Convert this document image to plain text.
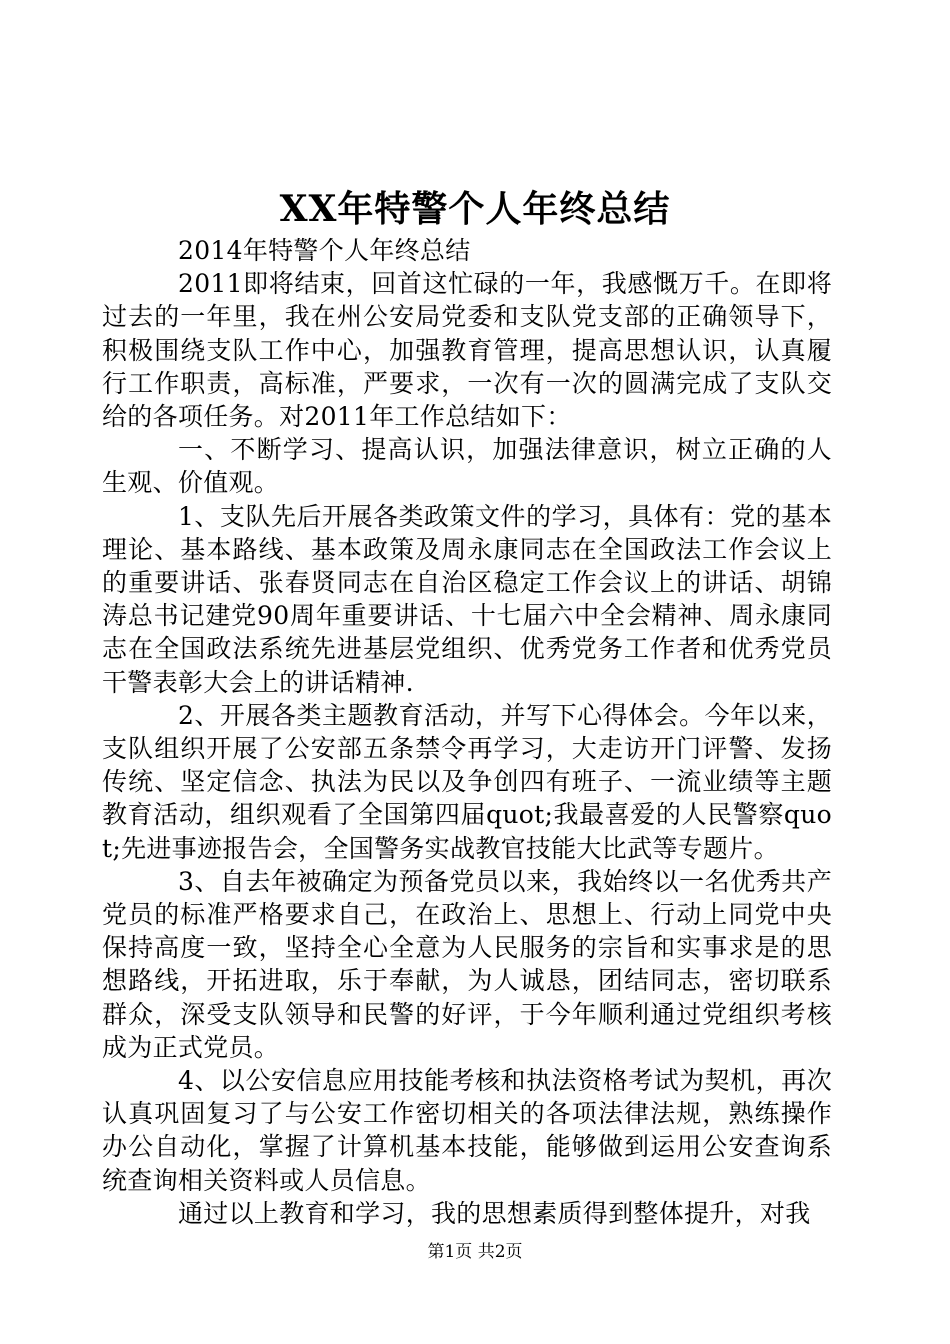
XX年特警个人年终总结

2014年特警个人年终总结

2011即将结束，回首这忙碌的一年，我感慨万千。在即将过去的一年里，我在州公安局党委和支队党支部的正确领导下，积极围绕支队工作中心，加强教育管理，提高思想认识，认真履行工作职责，高标准，严要求，一次有一次的圆满完成了支队交给的各项任务。对2011年工作总结如下：

一、不断学习、提高认识，加强法律意识，树立正确的人生观、价值观。

1、支队先后开展各类政策文件的学习，具体有：党的基本理论、基本路线、基本政策及周永康同志在全国政法工作会议上的重要讲话、张春贤同志在自治区稳定工作会议上的讲话、胡锦涛总书记建党90周年重要讲话、十七届六中全会精神、周永康同志在全国政法系统先进基层党组织、优秀党务工作者和优秀党员干警表彰大会上的讲话精神.

2、开展各类主题教育活动，并写下心得体会。今年以来，支队组织开展了公安部五条禁令再学习，大走访开门评警、发扬传统、坚定信念、执法为民以及争创四有班子、一流业绩等主题教育活动，组织观看了全国第四届quot;我最喜爱的人民警察quot;先进事迹报告会，全国警务实战教官技能大比武等专题片。

3、自去年被确定为预备党员以来，我始终以一名优秀共产党员的标准严格要求自己，在政治上、思想上、行动上同党中央保持高度一致，坚持全心全意为人民服务的宗旨和实事求是的思想路线，开拓进取，乐于奉献，为人诚恳，团结同志，密切联系群众，深受支队领导和民警的好评，于今年顺利通过党组织考核成为正式党员。

4、以公安信息应用技能考核和执法资格考试为契机，再次认真巩固复习了与公安工作密切相关的各项法律法规，熟练操作办公自动化，掌握了计算机基本技能，能够做到运用公安查询系统查询相关资料或人员信息。

通过以上教育和学习，我的思想素质得到整体提升，对我

第1页 共2页
